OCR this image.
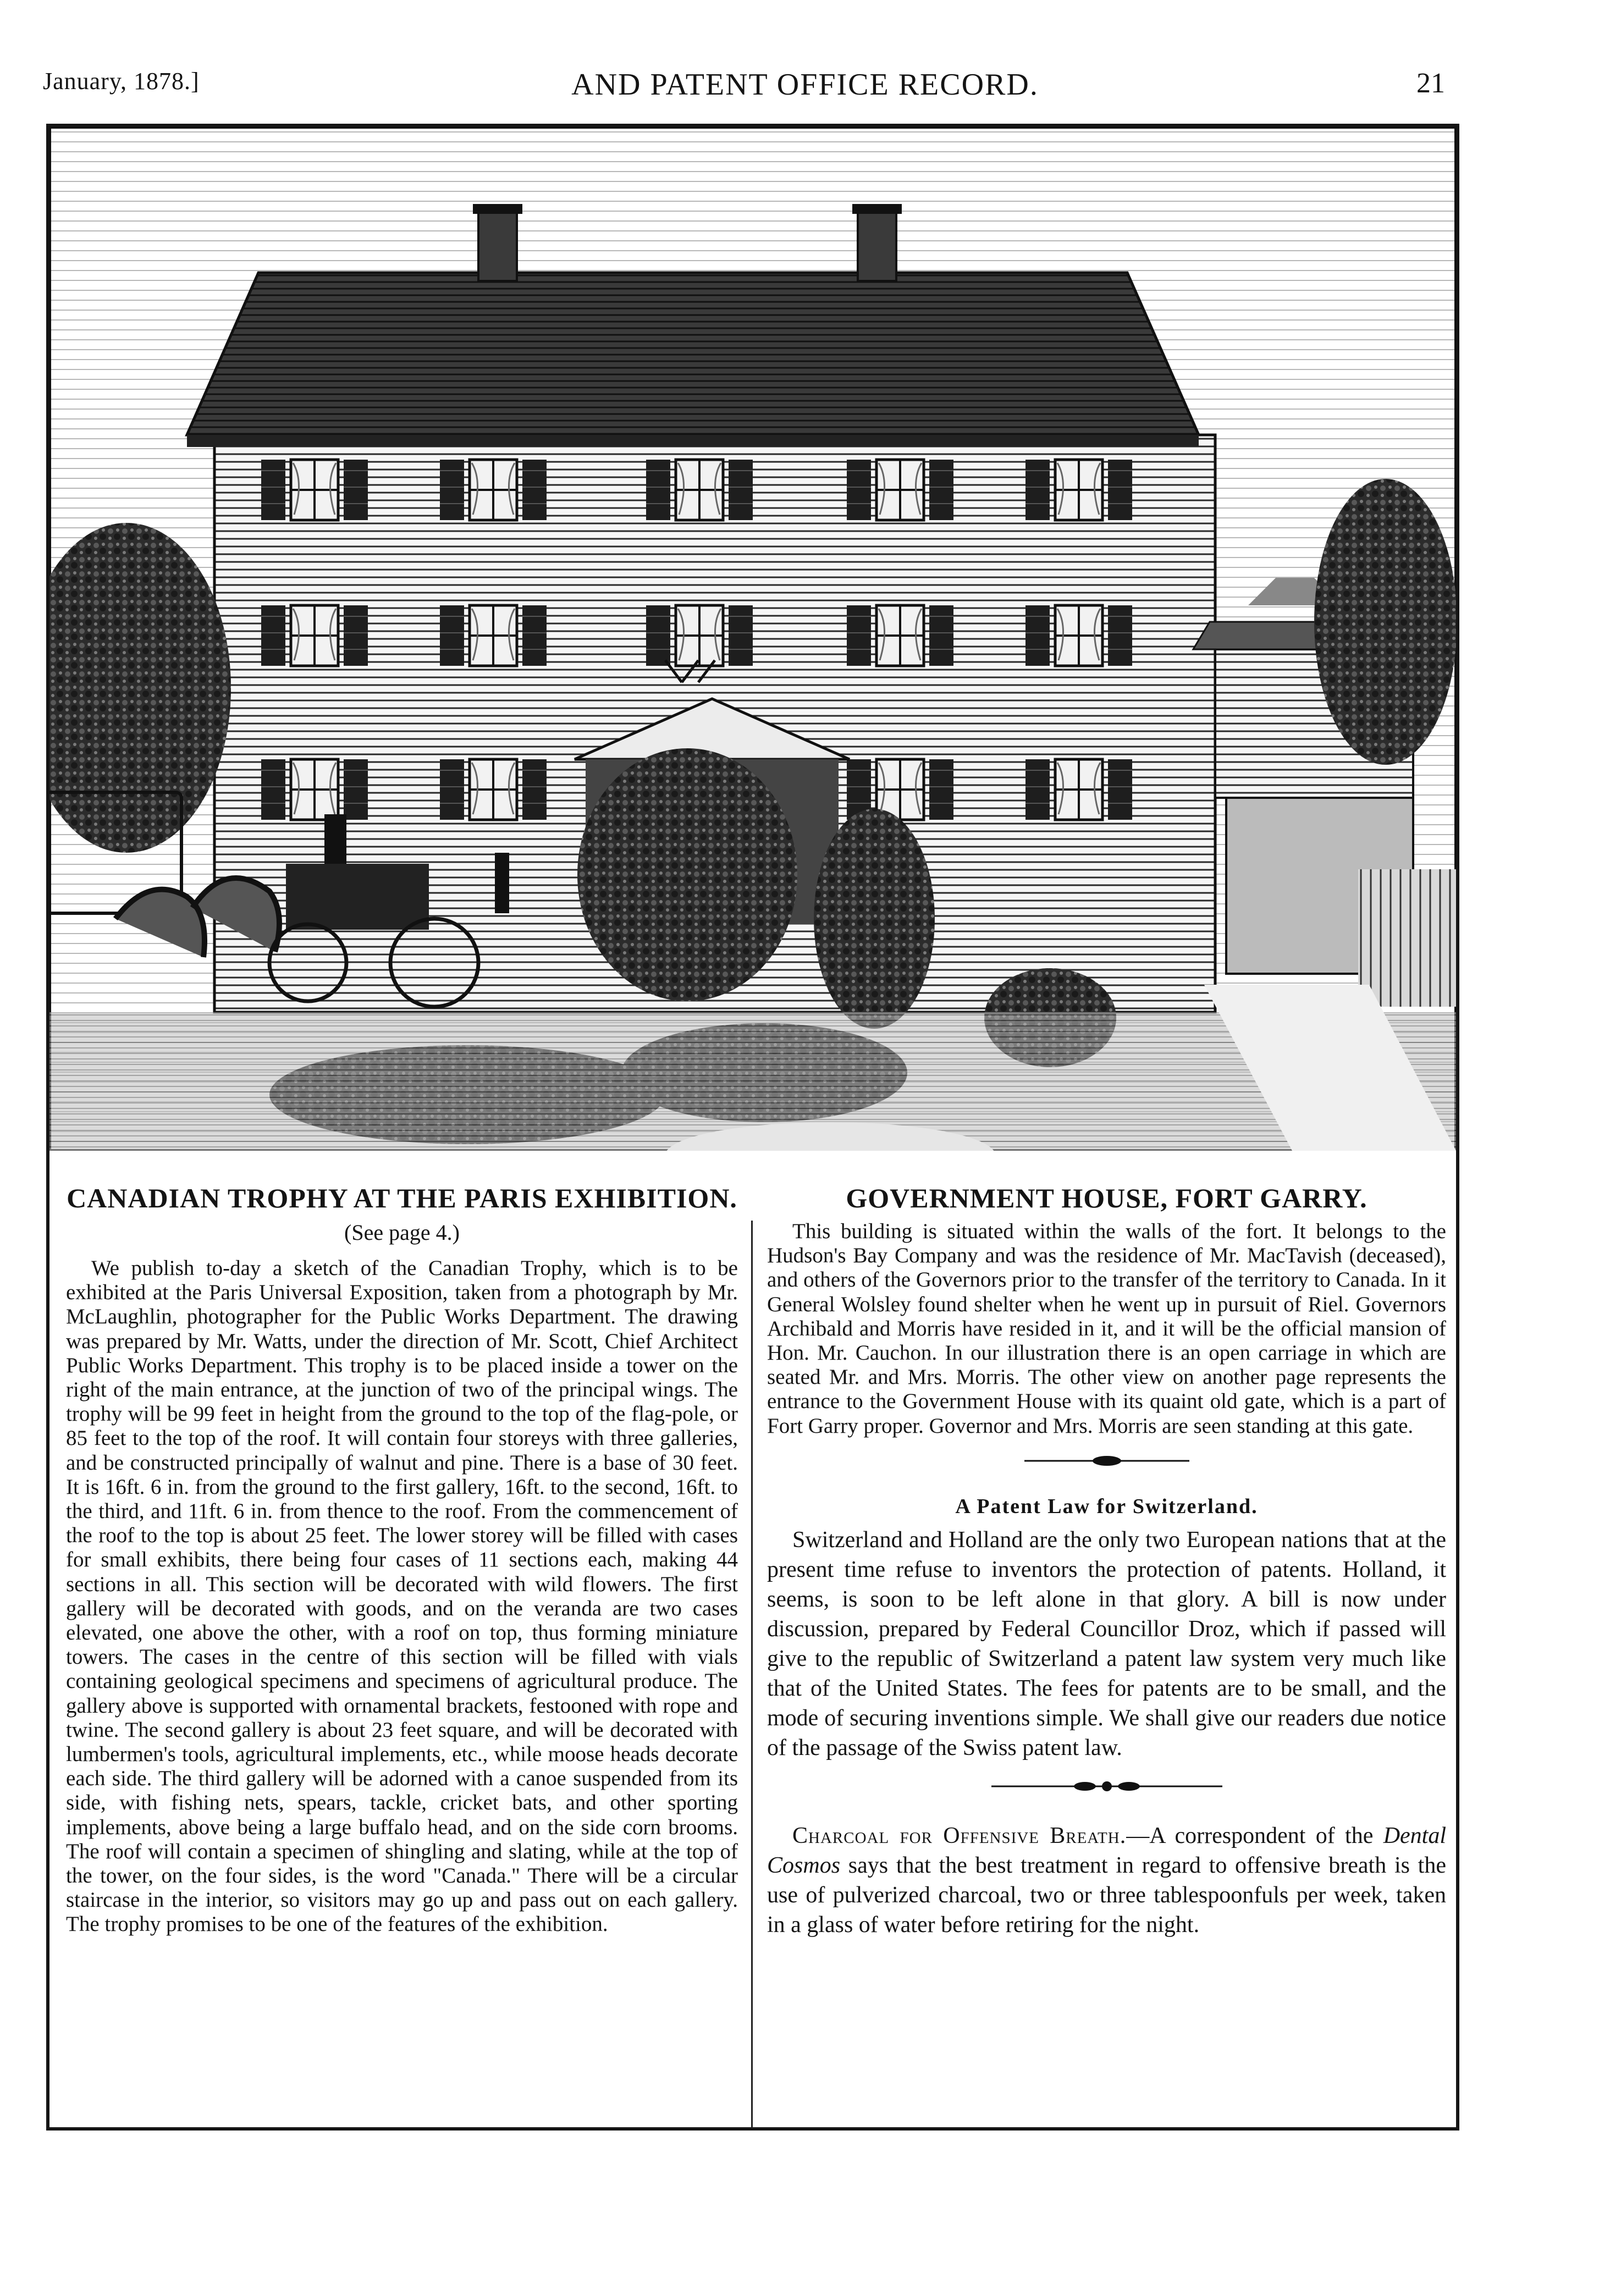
January, 1878.]	AND PATENT OFFICE RECORD.	21
CANADIAN TROPHY AT THE PARIS EXHIBITION.

(See page 4.)

We publish to-day a sketch of the Canadian Trophy, which is to be exhibited at the Paris Universal Exposition, taken from a photograph by Mr. McLaughlin, photographer for the Public Works Department. The drawing was prepared by Mr. Watts, under the direction of Mr. Scott, Chief Architect Public Works Department. This trophy is to be placed inside a tower on the right of the main entrance, at the junction of two of the principal wings. The trophy will be 99 feet in height from the ground to the top of the flag-pole, or 85 feet to the top of the roof. It will contain four storeys with three galleries, and be constructed principally of walnut and pine. There is a base of 30 feet. It is 16ft. 6 in. from the ground to the first gallery, 16ft. to the second, 16ft. to the third, and 11ft. 6 in. from thence to the roof. From the commencement of the roof to the top is about 25 feet. The lower storey will be filled with cases for small exhibits, there being four cases of 11 sections each, making 44 sections in all. This section will be decorated with wild flowers. The first gallery will be decorated with goods, and on the veranda are two cases elevated, one above the other, with a roof on top, thus forming miniature towers. The cases in the centre of this section will be filled with vials containing geological specimens and specimens of agricultural produce. The gallery above is supported with ornamental brackets, festooned with rope and twine. The second gallery is about 23 feet square, and will be decorated with lumbermen's tools, agricultural implements, etc., while moose heads decorate each side. The third gallery will be adorned with a canoe suspended from its side, with fishing nets, spears, tackle, cricket bats, and other sporting implements, above being a large buffalo head, and on the side corn brooms. The roof will contain a specimen of shingling and slating, while at the top of the tower, on the four sides, is the word "Canada." There will be a circular staircase in the interior, so visitors may go up and pass out on each gallery. The trophy promises to be one of the features of the exhibition.

GOVERNMENT HOUSE, FORT GARRY.

This building is situated within the walls of the fort. It belongs to the Hudson's Bay Company and was the residence of Mr. MacTavish (deceased), and others of the Governors prior to the transfer of the territory to Canada. In it General Wolsley found shelter when he went up in pursuit of Riel. Governors Archibald and Morris have resided in it, and it will be the official mansion of Hon. Mr. Cauchon. In our illustration there is an open carriage in which are seated Mr. and Mrs. Morris. The other view on another page represents the entrance to the Government House with its quaint old gate, which is a part of Fort Garry proper. Governor and Mrs. Morris are seen standing at this gate.

A Patent Law for Switzerland.

Switzerland and Holland are the only two European nations that at the present time refuse to inventors the protection of patents. Holland, it seems, is soon to be left alone in that glory. A bill is now under discussion, prepared by Federal Councillor Droz, which if passed will give to the republic of Switzerland a patent law system very much like that of the United States. The fees for patents are to be small, and the mode of securing inventions simple. We shall give our readers due notice of the passage of the Swiss patent law.

Charcoal for Offensive Breath.—A correspondent of the Dental Cosmos says that the best treatment in regard to offensive breath is the use of pulverized charcoal, two or three tablespoonfuls per week, taken in a glass of water before retiring for the night.
